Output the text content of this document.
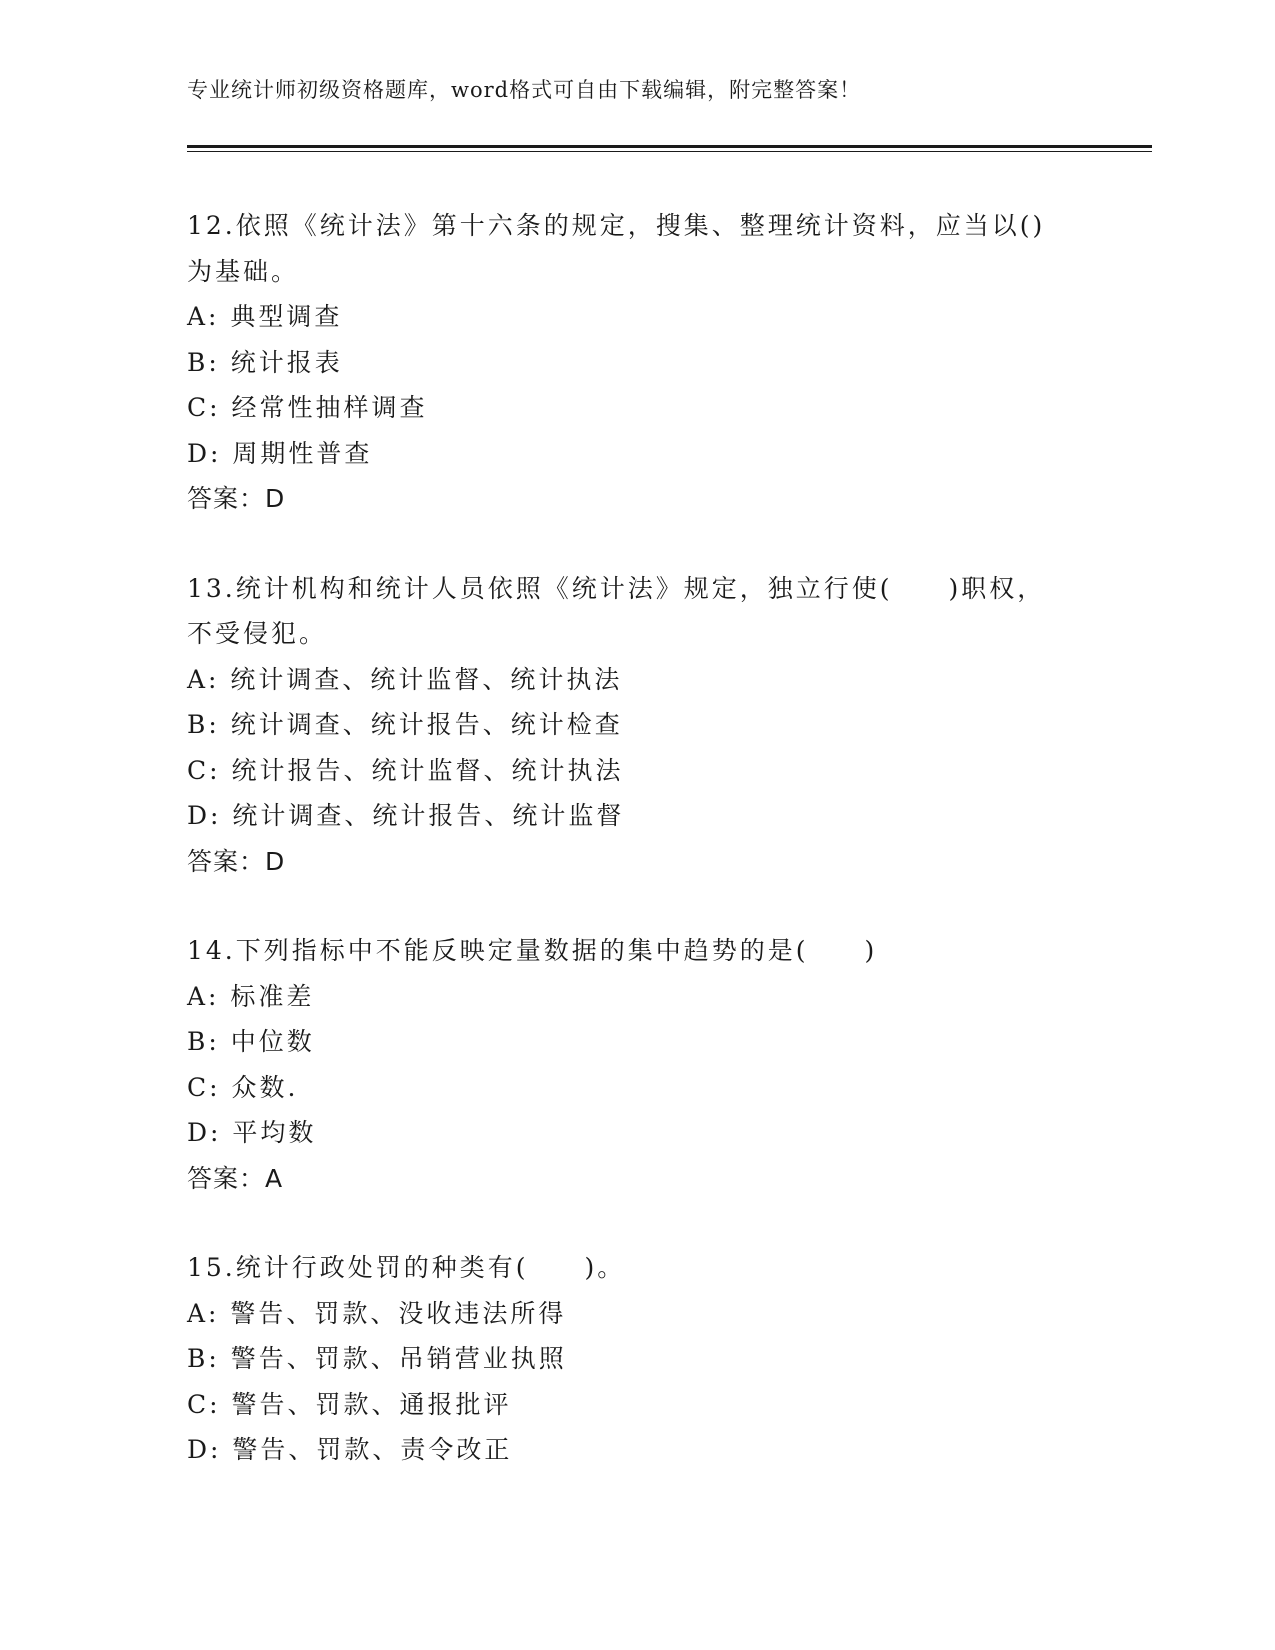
专业统计师初级资格题库，word格式可自由下载编辑，附完整答案！
12.依照《统计法》第十六条的规定，搜集、整理统计资料，应当以()
为基础。
A: 典型调查
B: 统计报表
C: 经常性抽样调查
D: 周期性普查
答案：D
13.统计机构和统计人员依照《统计法》规定，独立行使(　　)职权，
不受侵犯。
A: 统计调查、统计监督、统计执法
B: 统计调查、统计报告、统计检查
C: 统计报告、统计监督、统计执法
D: 统计调查、统计报告、统计监督
答案：D
14.下列指标中不能反映定量数据的集中趋势的是(　　)
A: 标准差
B: 中位数
C: 众数.
D: 平均数
答案：A
15.统计行政处罚的种类有(　　)。
A: 警告、罚款、没收违法所得
B: 警告、罚款、吊销营业执照
C: 警告、罚款、通报批评
D: 警告、罚款、责令改正
